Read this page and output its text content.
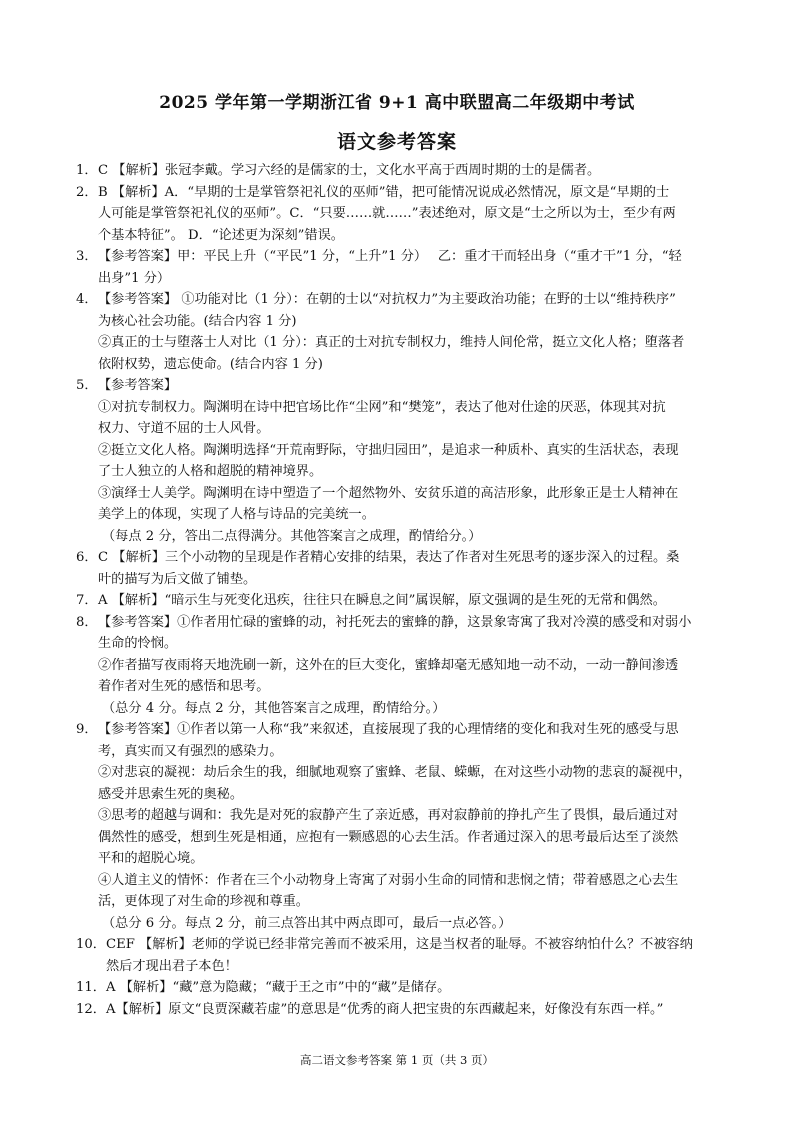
2025 学年第一学期浙江省 9+1 高中联盟高二年级期中考试
语文参考答案
1． C 【解析】张冠李戴。学习六经的是儒家的士，文化水平高于西周时期的士的是儒者。
2． B 【解析】A．“早期的士是掌管祭祀礼仪的巫师”错，把可能情况说成必然情况，原文是“早期的士
人可能是掌管祭祀礼仪的巫师”。C．“只要……就……”表述绝对，原文是“士之所以为士，至少有两
个基本特征”。 D．“论述更为深刻”错误。
3． 【参考答案】甲：平民上升（“平民”1 分，“上升”1 分）　 乙：重才干而轻出身（“重才干”1 分，“轻
出身”1 分）
4． 【参考答案】 ①功能对比（1 分）：在朝的士以“对抗权力”为主要政治功能；在野的士以“维持秩序”
为核心社会功能。(结合内容 1 分)
②真正的士与堕落士人对比（1 分）：真正的士对抗专制权力，维持人间伦常，挺立文化人格；堕落者
依附权势，遗忘使命。(结合内容 1 分)
5． 【参考答案】
①对抗专制权力。陶渊明在诗中把官场比作“尘网”和“樊笼”，表达了他对仕途的厌恶，体现其对抗
权力、守道不屈的士人风骨。
②挺立文化人格。陶渊明选择“开荒南野际，守拙归园田”，是追求一种质朴、真实的生活状态，表现
了士人独立的人格和超脱的精神境界。
③演绎士人美学。陶渊明在诗中塑造了一个超然物外、安贫乐道的高洁形象，此形象正是士人精神在
美学上的体现，实现了人格与诗品的完美统一。
（每点 2 分，答出二点得满分。其他答案言之成理，酌情给分。）
6． C 【解析】三个小动物的呈现是作者精心安排的结果，表达了作者对生死思考的逐步深入的过程。桑
叶的描写为后文做了铺垫。
7． A 【解析】“暗示生与死变化迅疾，往往只在瞬息之间”属误解，原文强调的是生死的无常和偶然。
8． 【参考答案】①作者用忙碌的蜜蜂的动，衬托死去的蜜蜂的静，这景象寄寓了我对冷漠的感受和对弱小
生命的怜悯。
②作者描写夜雨将天地洗刷一新，这外在的巨大变化，蜜蜂却毫无感知地一动不动，一动一静间渗透
着作者对生死的感悟和思考。
（总分 4 分。每点 2 分，其他答案言之成理，酌情给分。）
9． 【参考答案】①作者以第一人称“我”来叙述，直接展现了我的心理情绪的变化和我对生死的感受与思
考，真实而又有强烈的感染力。
②对悲哀的凝视：劫后余生的我，细腻地观察了蜜蜂、老鼠、蝾螈，在对这些小动物的悲哀的凝视中，
感受并思索生死的奥秘。
③思考的超越与调和：我先是对死的寂静产生了亲近感，再对寂静前的挣扎产生了畏惧，最后通过对
偶然性的感受，想到生死是相通，应抱有一颗感恩的心去生活。作者通过深入的思考最后达至了淡然
平和的超脱心境。
④人道主义的情怀：作者在三个小动物身上寄寓了对弱小生命的同情和悲悯之情；带着感恩之心去生
活，更体现了对生命的珍视和尊重。
（总分 6 分。每点 2 分，前三点答出其中两点即可，最后一点必答。）
10． CEF 【解析】老师的学说已经非常完善而不被采用，这是当权者的耻辱。不被容纳怕什么？不被容纳
然后才现出君子本色！
11． A 【解析】“藏”意为隐藏；“藏于王之市”中的“藏”是储存。
12． A【解析】原文“良贾深藏若虚”的意思是“优秀的商人把宝贵的东西藏起来，好像没有东西一样。”
高二语文参考答案 第 1 页（共 3 页）
